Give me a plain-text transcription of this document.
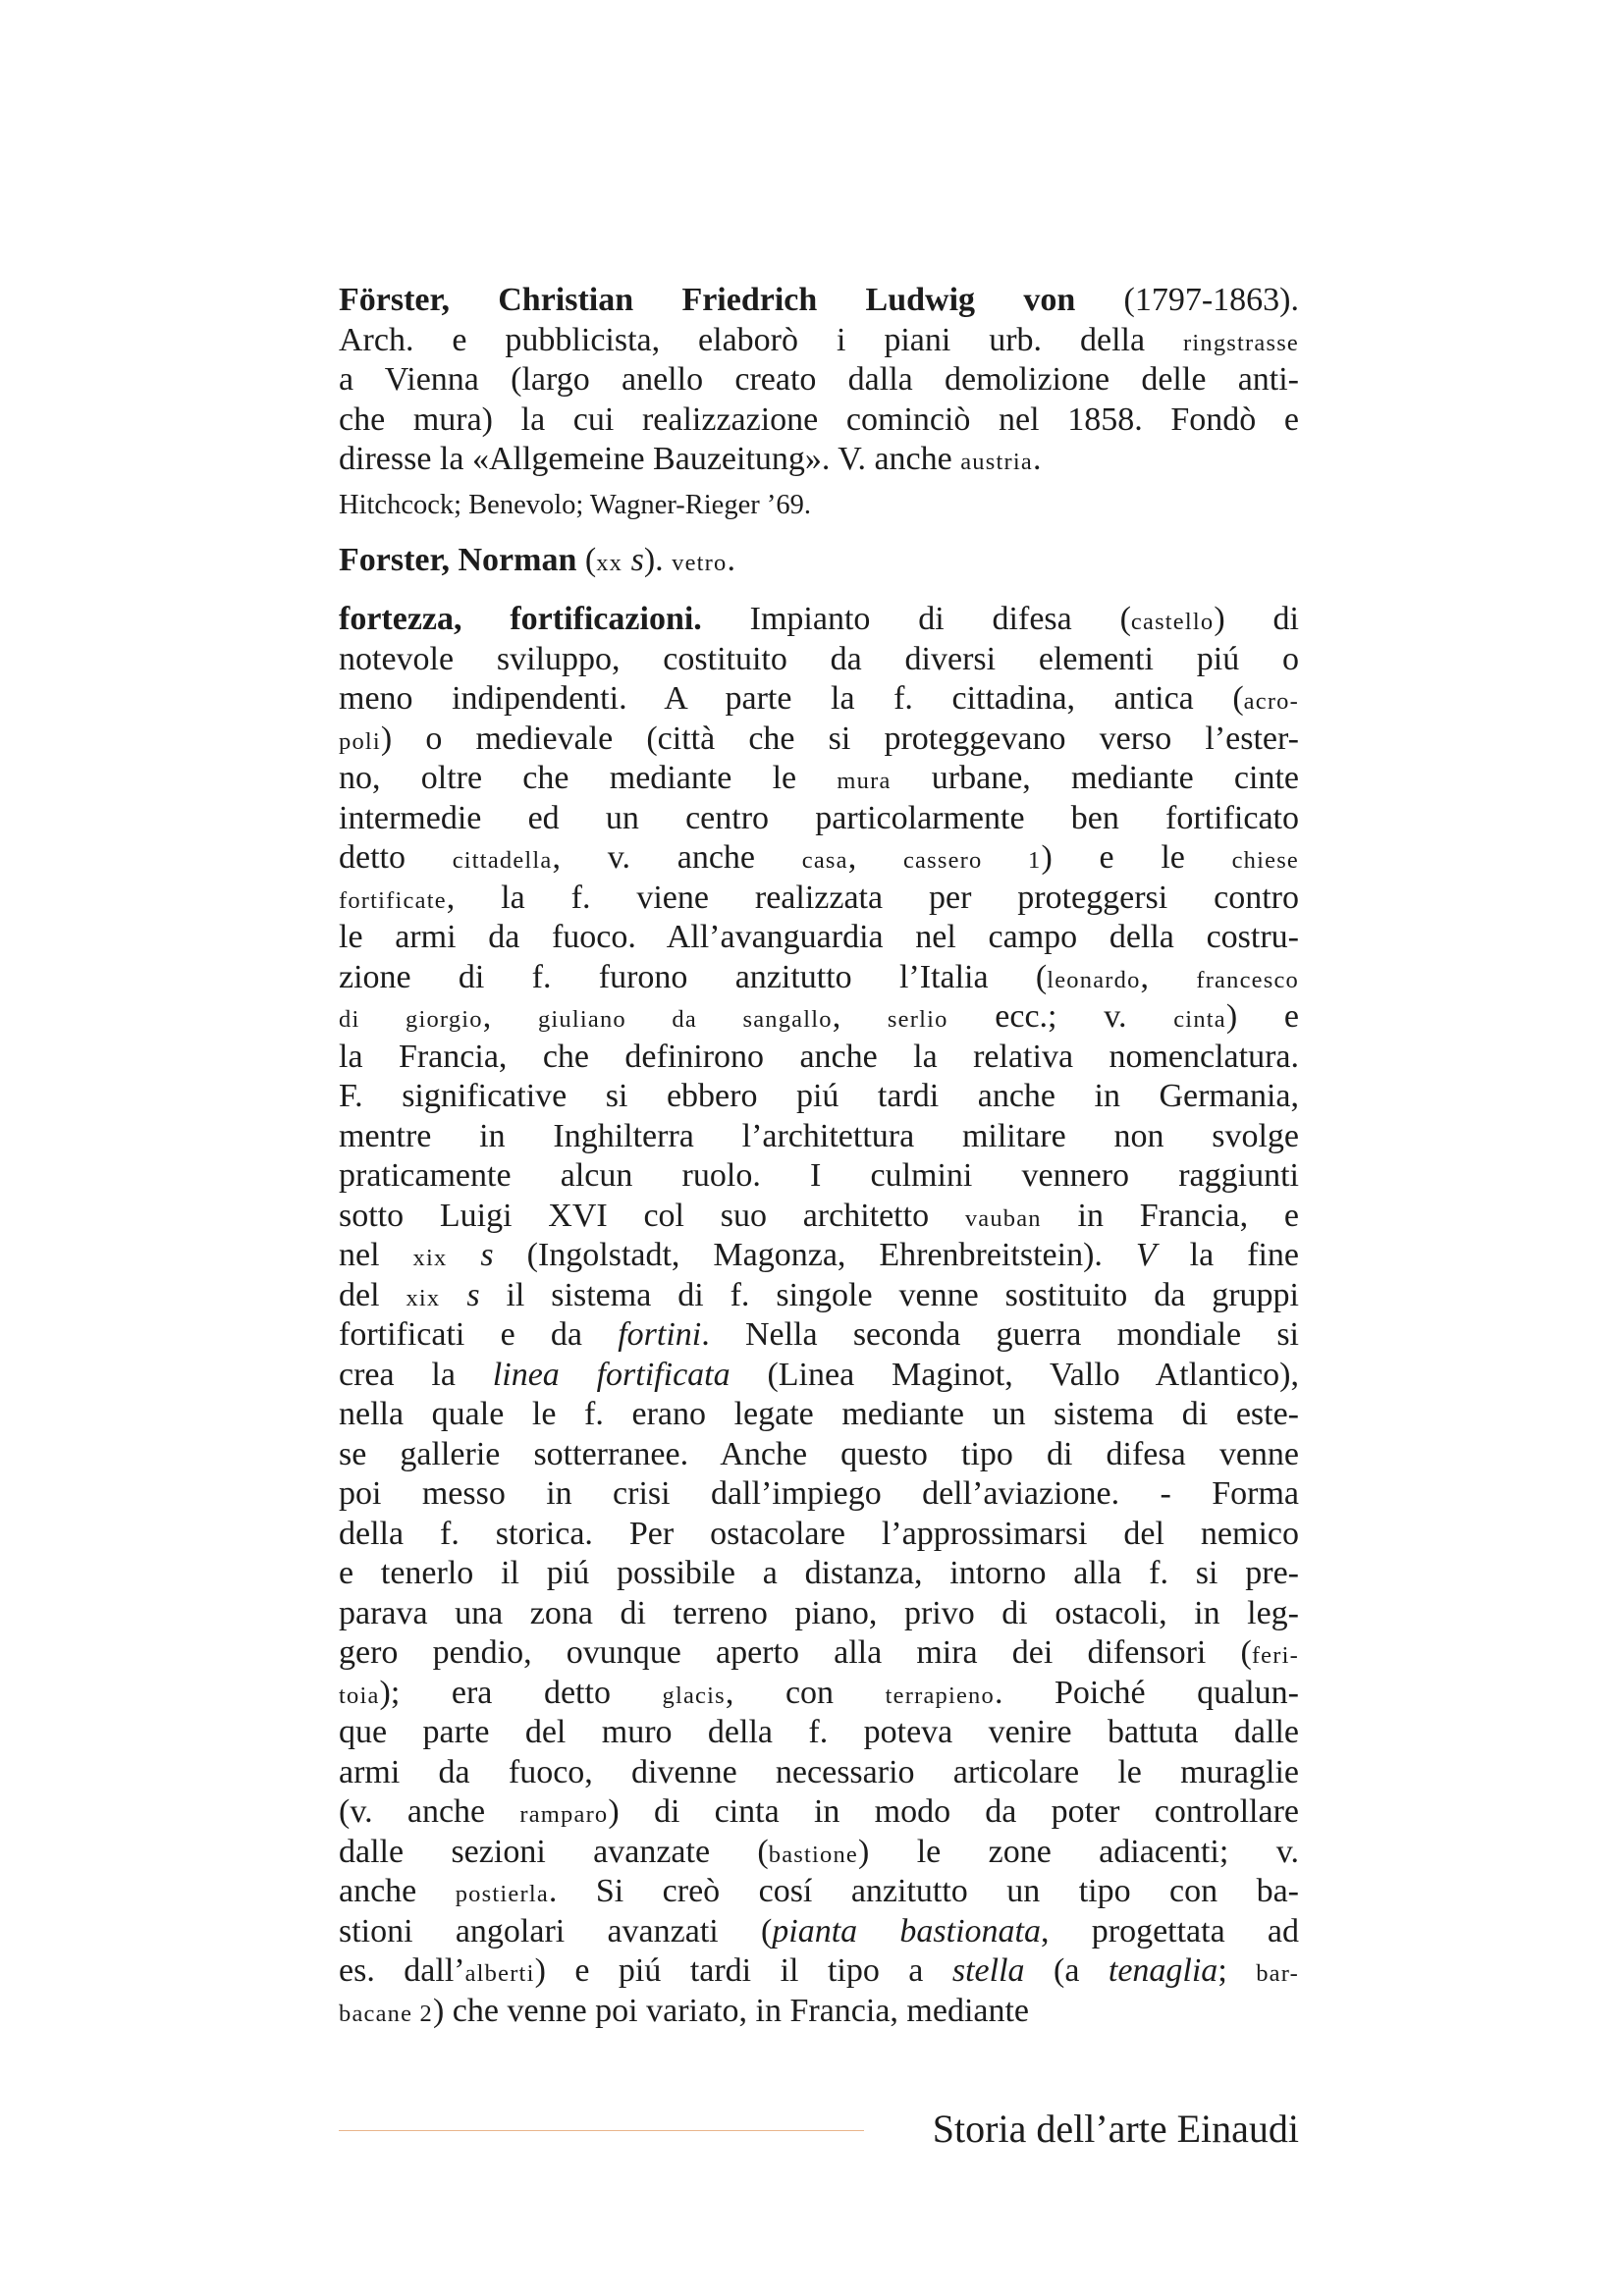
Förster, Christian Friedrich Ludwig von (1797-1863).
Arch. e pubblicista, elaborò i piani urb. della ringstrasse
a Vienna (largo anello creato dalla demolizione delle anti-
che mura) la cui realizzazione cominciò nel 1858. Fondò e
diresse la «Allgemeine Bauzeitung». V. anche austria.
Hitchcock; Benevolo; Wagner-Rieger ’69.
Forster, Norman (xx s). vetro.
fortezza, fortificazioni. Impianto di difesa (castello) di
notevole sviluppo, costituito da diversi elementi piú o
meno indipendenti. A parte la f. cittadina, antica (acro-
poli) o medievale (città che si proteggevano verso l’ester-
no, oltre che mediante le mura urbane, mediante cinte
intermedie ed un centro particolarmente ben fortificato
detto cittadella, v. anche casa, cassero 1) e le chiese
fortificate, la f. viene realizzata per proteggersi contro
le armi da fuoco. All’avanguardia nel campo della costru-
zione di f. furono anzitutto l’Italia (leonardo, francesco
di giorgio, giuliano da sangallo, serlio ecc.; v. cinta) e
la Francia, che definirono anche la relativa nomenclatura.
F. significative si ebbero piú tardi anche in Germania,
mentre in Inghilterra l’architettura militare non svolge
praticamente alcun ruolo. I culmini vennero raggiunti
sotto Luigi XVI col suo architetto vauban in Francia, e
nel xix s (Ingolstadt, Magonza, Ehrenbreitstein). V la fine
del xix s il sistema di f. singole venne sostituito da gruppi
fortificati e da fortini. Nella seconda guerra mondiale si
crea la linea fortificata (Linea Maginot, Vallo Atlantico),
nella quale le f. erano legate mediante un sistema di este-
se gallerie sotterranee. Anche questo tipo di difesa venne
poi messo in crisi dall’impiego dell’aviazione. - Forma
della f. storica. Per ostacolare l’approssimarsi del nemico
e tenerlo il piú possibile a distanza, intorno alla f. si pre-
parava una zona di terreno piano, privo di ostacoli, in leg-
gero pendio, ovunque aperto alla mira dei difensori (feri-
toia); era detto glacis, con terrapieno. Poiché qualun-
que parte del muro della f. poteva venire battuta dalle
armi da fuoco, divenne necessario articolare le muraglie
(v. anche ramparo) di cinta in modo da poter controllare
dalle sezioni avanzate (bastione) le zone adiacenti; v.
anche postierla. Si creò cosí anzitutto un tipo con ba-
stioni angolari avanzati (pianta bastionata, progettata ad
es. dall’alberti) e piú tardi il tipo a stella (a tenaglia; bar-
bacane 2) che venne poi variato, in Francia, mediante
Storia dell’arte Einaudi
